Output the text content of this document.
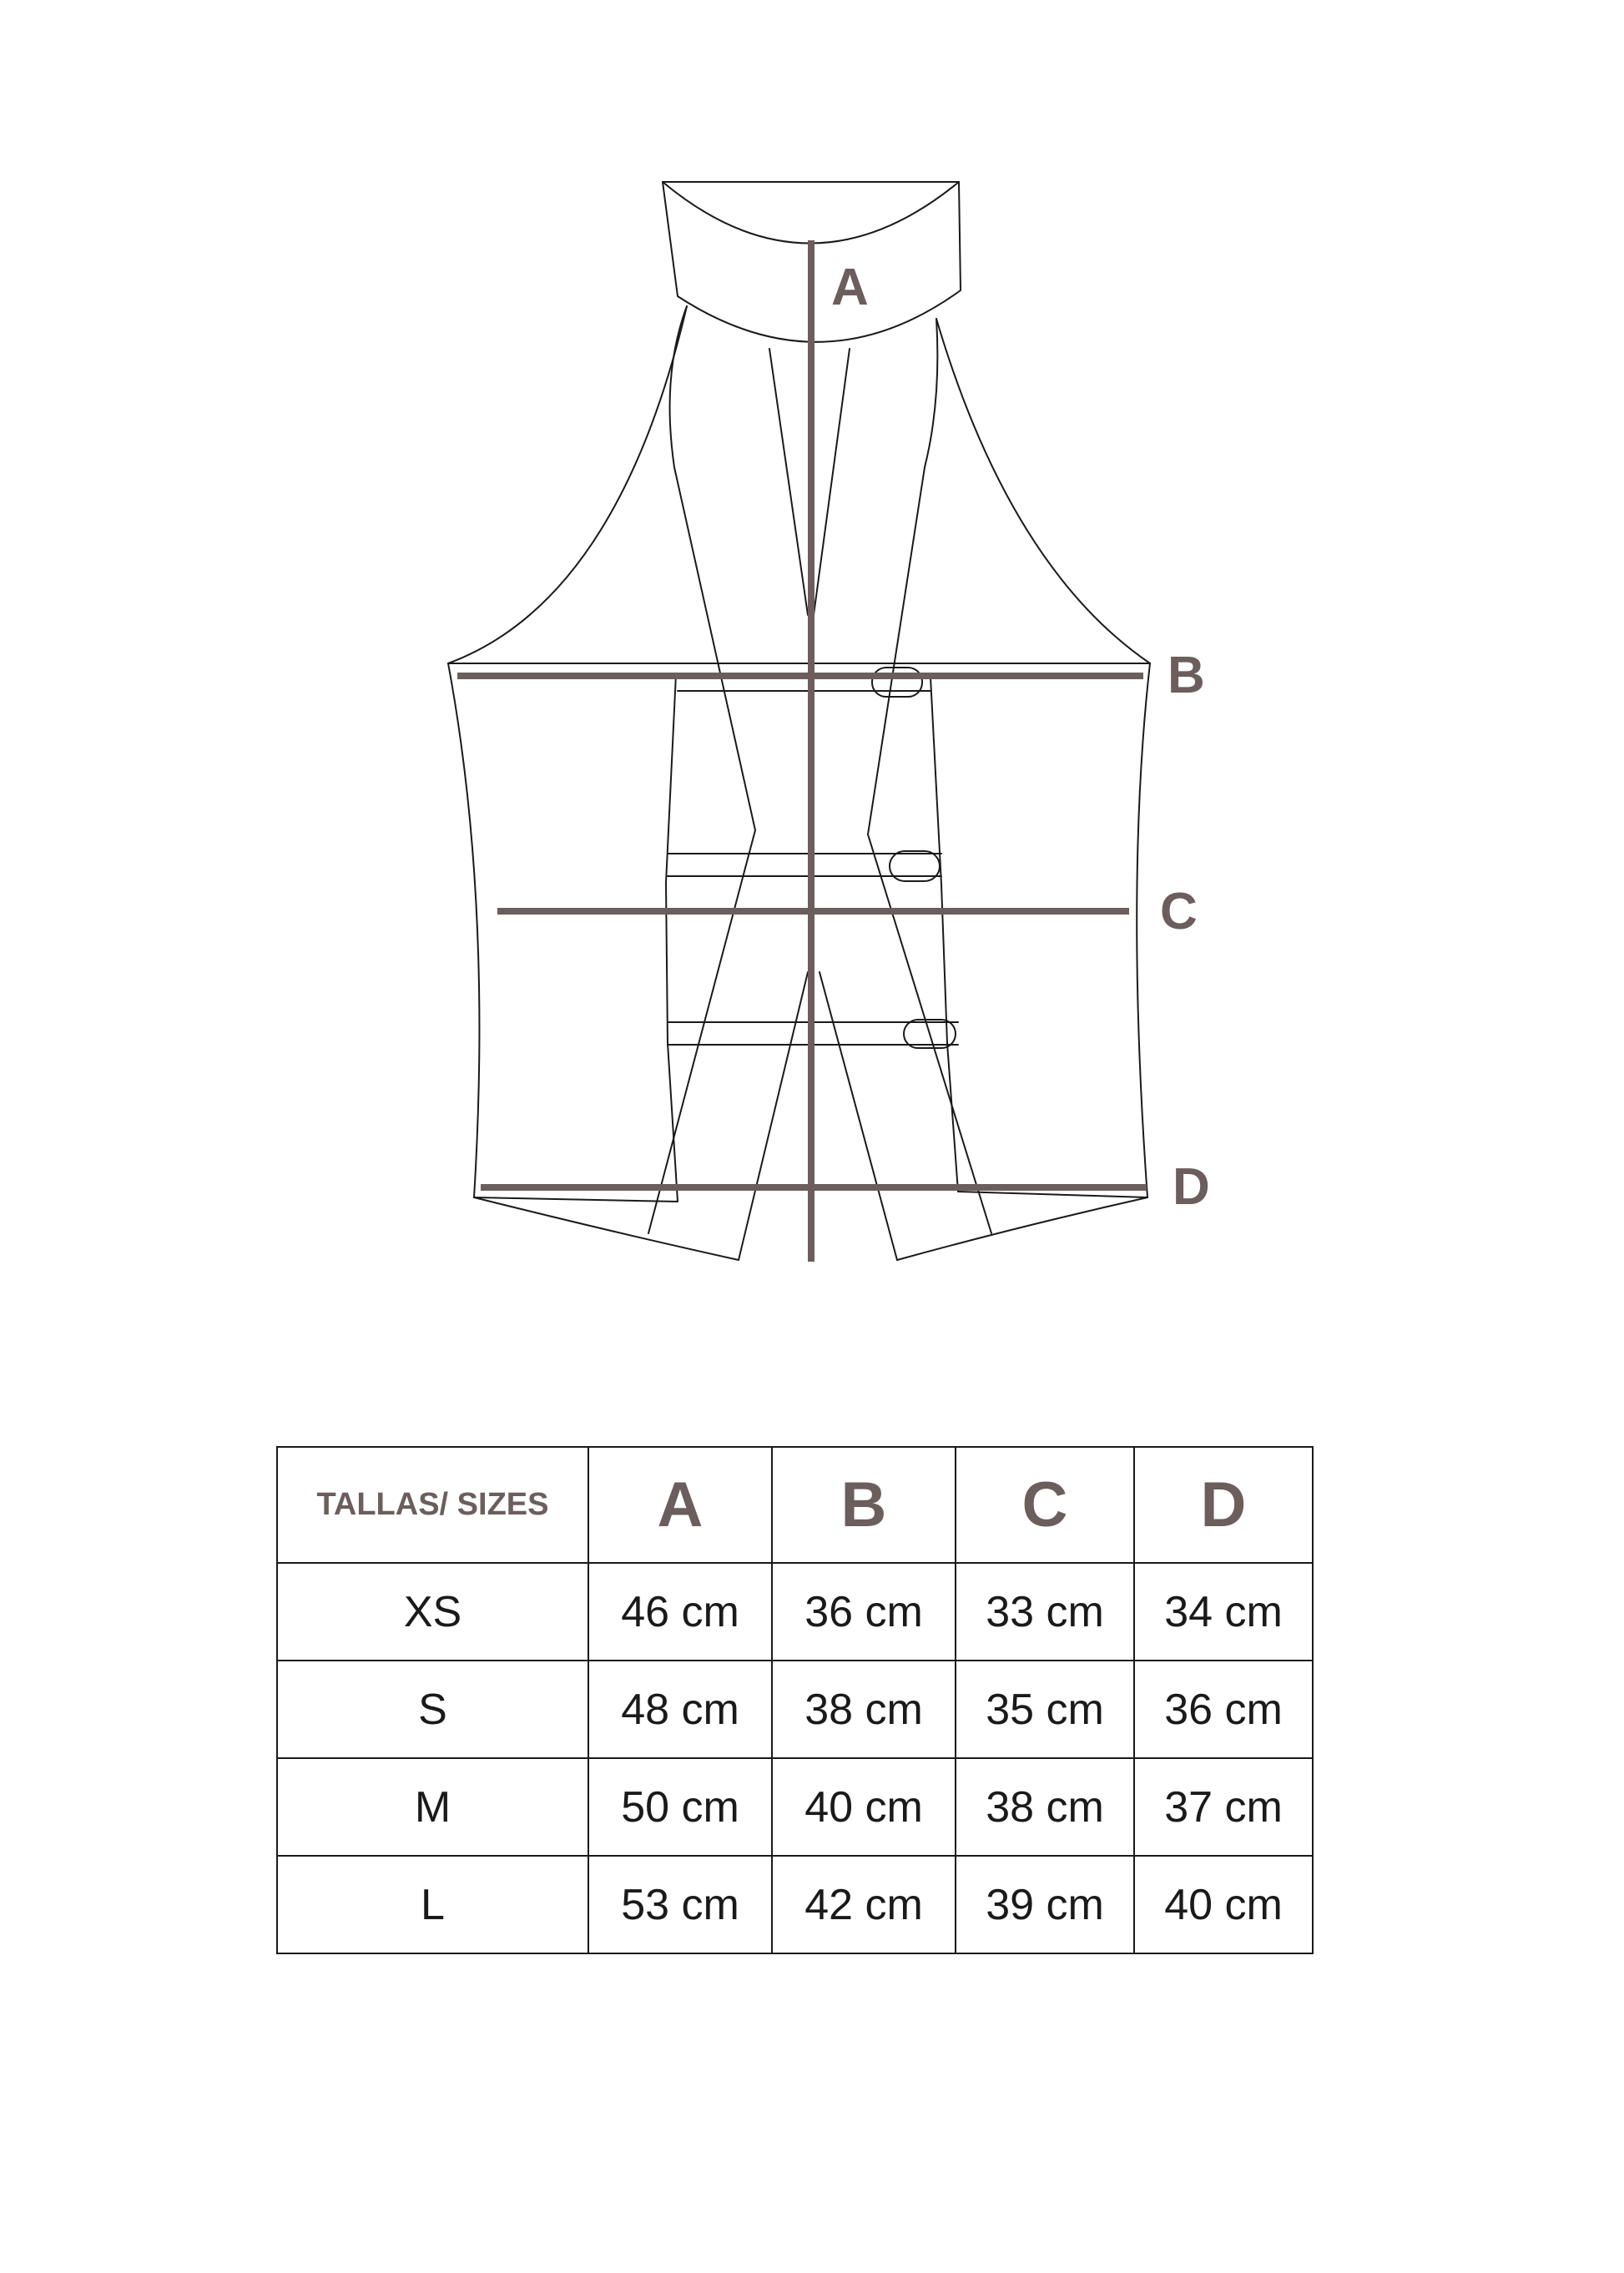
A
B
C
D
TALLAS/ SIZES	A	B	C	D
XS	46 cm	36 cm	33 cm	34 cm
S	48 cm	38 cm	35 cm	36 cm
M	50 cm	40 cm	38 cm	37 cm
L	53 cm	42 cm	39 cm	40 cm
